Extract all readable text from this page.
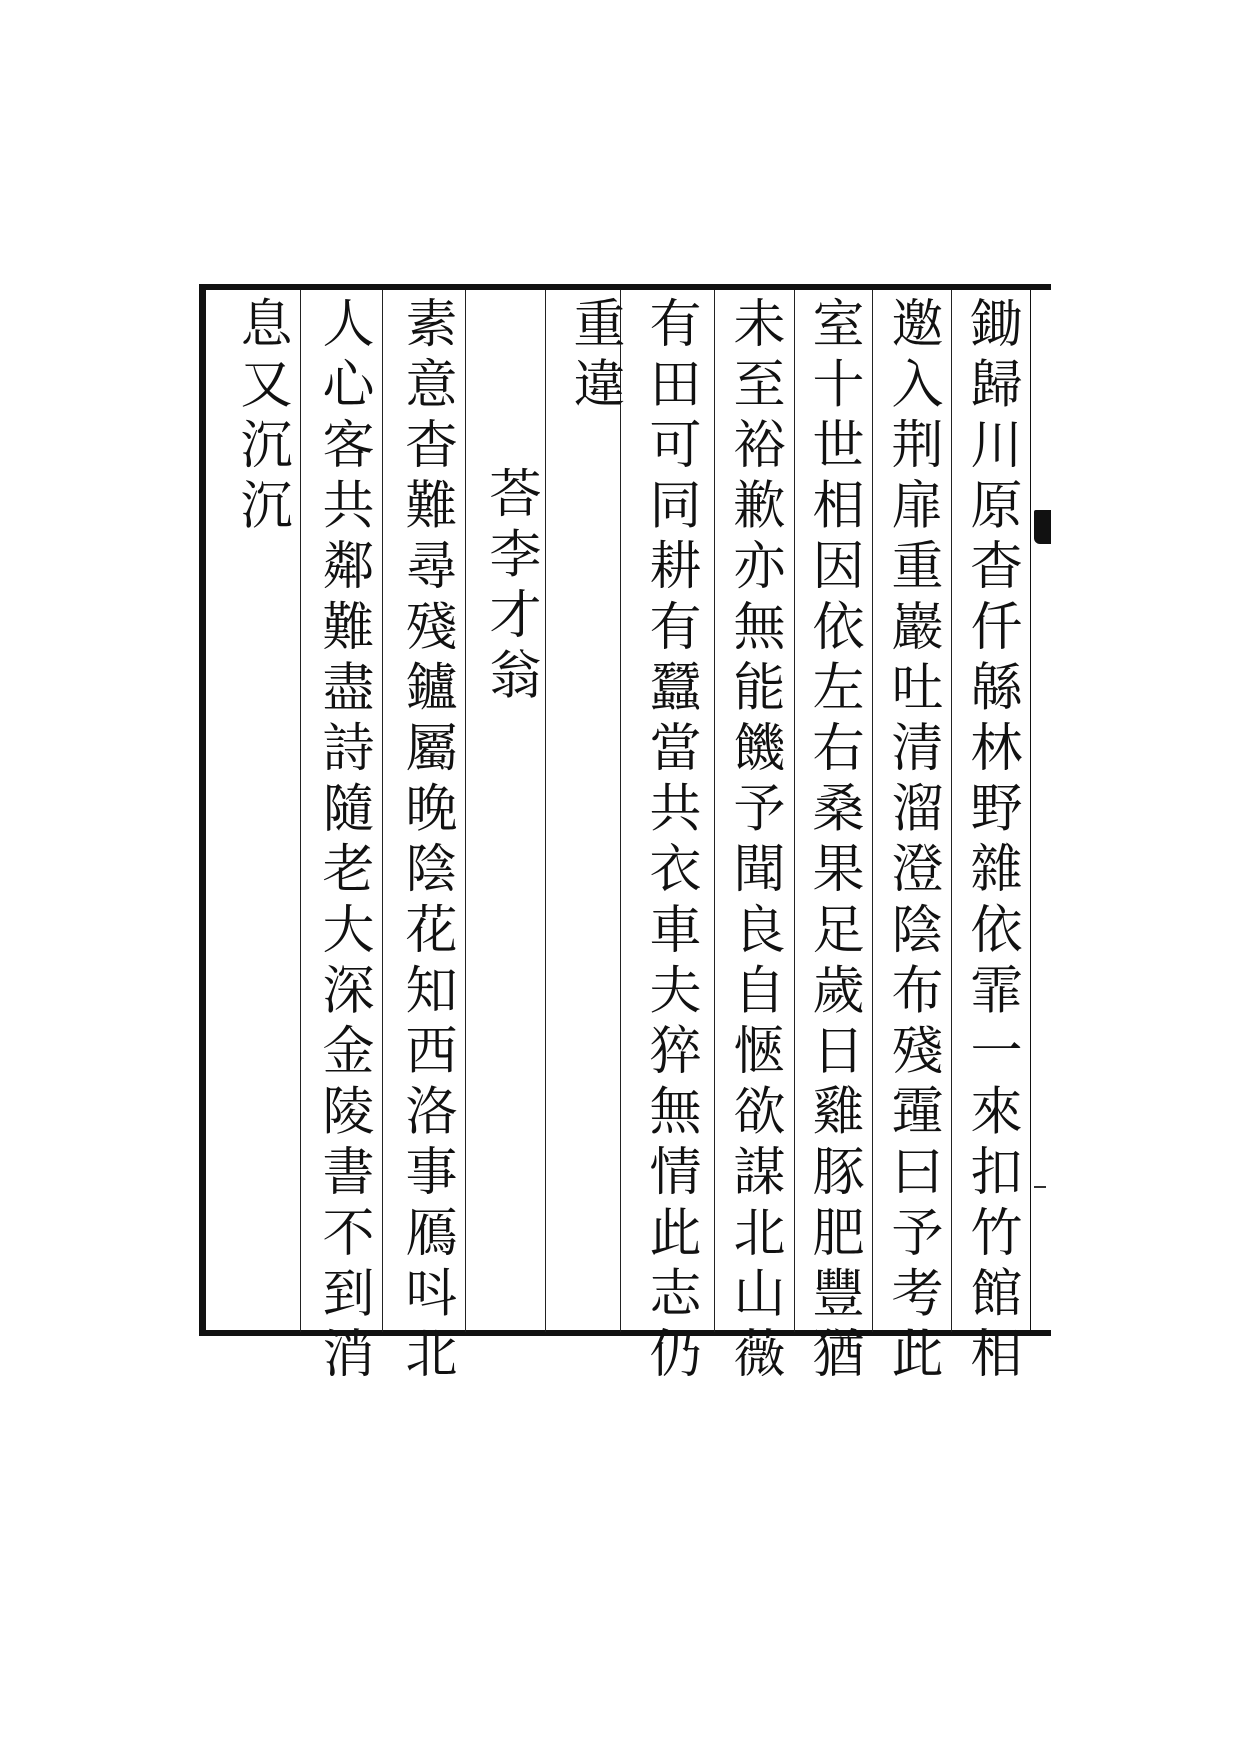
鋤歸川原杳仟緜林野雜依霏一來扣竹館相
邀入荆扉重巖吐清溜澄陰布殘䨪曰予考此
室十世相因依左右桑果足歲日雞豚肥豐猶
未至裕歉亦無能饑予聞良自愜欲謀北山薇
有田可同耕有蠶當共衣車夫猝無情此志仍
重違
荅李才翁
素意杳難尋殘鑪屬晚陰花知西洛事鴈呌北
人心客共鄰難盡詩隨老大深金陵書不到消
息又沉沉
